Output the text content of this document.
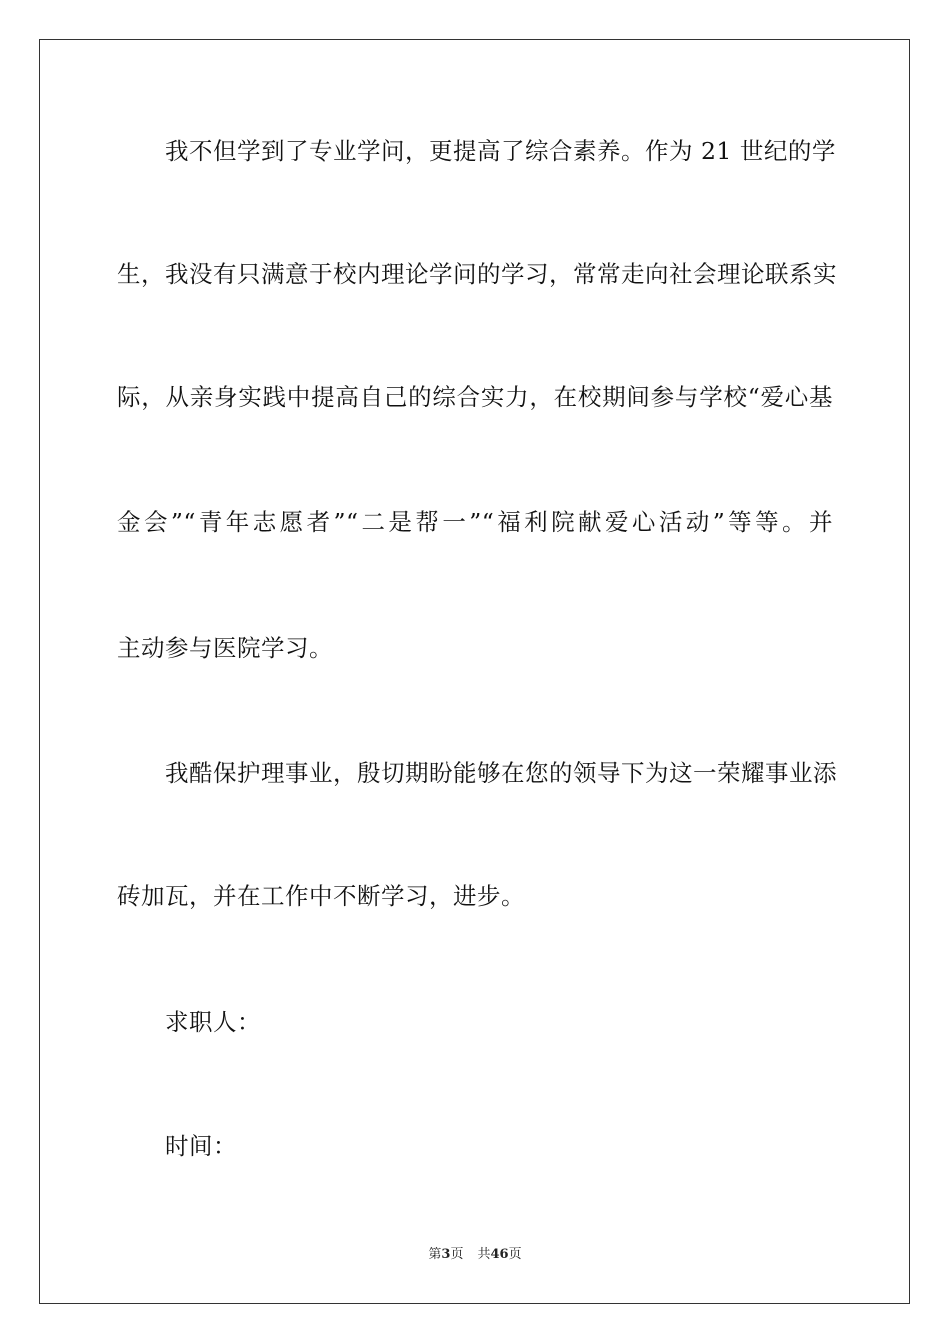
我不但学到了专业学问，更提高了综合素养。作为 21 世纪的学
生，我没有只满意于校内理论学问的学习，常常走向社会理论联系实
际，从亲身实践中提高自己的综合实力，在校期间参与学校“爱心基
金会”“青年志愿者”“二是帮一”“福利院献爱心活动”等等。并
主动参与医院学习。
我酷保护理事业，殷切期盼能够在您的领导下为这一荣耀事业添
砖加瓦，并在工作中不断学习，进步。
求职人：
时间：
第3页 共46页
